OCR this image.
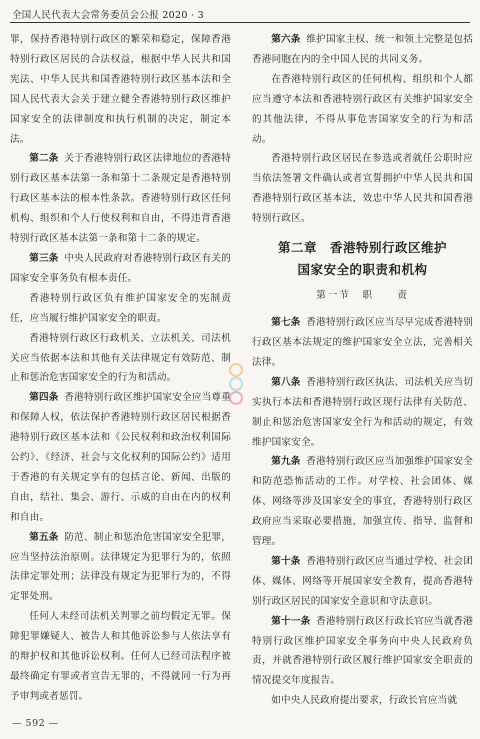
全国人民代表大会常务委员会公报 2020 · 3

罪，保持香港特别行政区的繁荣和稳定，保障香港特别行政区居民的合法权益，根据中华人民共和国宪法、中华人民共和国香港特别行政区基本法和全国人民代表大会关于建立健全香港特别行政区维护国家安全的法律制度和执行机制的决定，制定本法。

第二条 关于香港特别行政区法律地位的香港特别行政区基本法第一条和第十二条规定是香港特别行政区基本法的根本性条款。香港特别行政区任何机构、组织和个人行使权利和自由，不得违背香港特别行政区基本法第一条和第十二条的规定。

第三条 中央人民政府对香港特别行政区有关的国家安全事务负有根本责任。

香港特别行政区负有维护国家安全的宪制责任，应当履行维护国家安全的职责。

香港特别行政区行政机关、立法机关、司法机关应当依据本法和其他有关法律规定有效防范、制止和惩治危害国家安全的行为和活动。

第四条 香港特别行政区维护国家安全应当尊重和保障人权，依法保护香港特别行政区居民根据香港特别行政区基本法和《公民权利和政治权利国际公约》、《经济、社会与文化权利的国际公约》适用于香港的有关规定享有的包括言论、新闻、出版的自由，结社、集会、游行、示威的自由在内的权利和自由。

第五条 防范、制止和惩治危害国家安全犯罪，应当坚持法治原则。法律规定为犯罪行为的，依照法律定罪处刑；法律没有规定为犯罪行为的，不得定罪处刑。

任何人未经司法机关判罪之前均假定无罪。保障犯罪嫌疑人、被告人和其他诉讼参与人依法享有的辩护权和其他诉讼权利。任何人已经司法程序被最终确定有罪或者宣告无罪的，不得就同一行为再予审判或者惩罚。

第六条 维护国家主权、统一和领土完整是包括香港同胞在内的全中国人民的共同义务。

在香港特别行政区的任何机构、组织和个人都应当遵守本法和香港特别行政区有关维护国家安全的其他法律，不得从事危害国家安全的行为和活动。

香港特别行政区居民在参选或者就任公职时应当依法签署文件确认或者宣誓拥护中华人民共和国香港特别行政区基本法，效忠中华人民共和国香港特别行政区。

第二章　香港特别行政区维护
国家安全的职责和机构
第一节　职　　责

第七条 香港特别行政区应当尽早完成香港特别行政区基本法规定的维护国家安全立法，完善相关法律。

第八条 香港特别行政区执法、司法机关应当切实执行本法和香港特别行政区现行法律有关防范、制止和惩治危害国家安全行为和活动的规定，有效维护国家安全。

第九条 香港特别行政区应当加强维护国家安全和防范恐怖活动的工作。对学校、社会团体、媒体、网络等涉及国家安全的事宜，香港特别行政区政府应当采取必要措施，加强宣传、指导、监督和管理。

第十条 香港特别行政区应当通过学校、社会团体、媒体、网络等开展国家安全教育，提高香港特别行政区居民的国家安全意识和守法意识。

第十一条 香港特别行政区行政长官应当就香港特别行政区维护国家安全事务向中央人民政府负责，并就香港特别行政区履行维护国家安全职责的情况提交年度报告。

如中央人民政府提出要求，行政长官应当就

— 592 —
